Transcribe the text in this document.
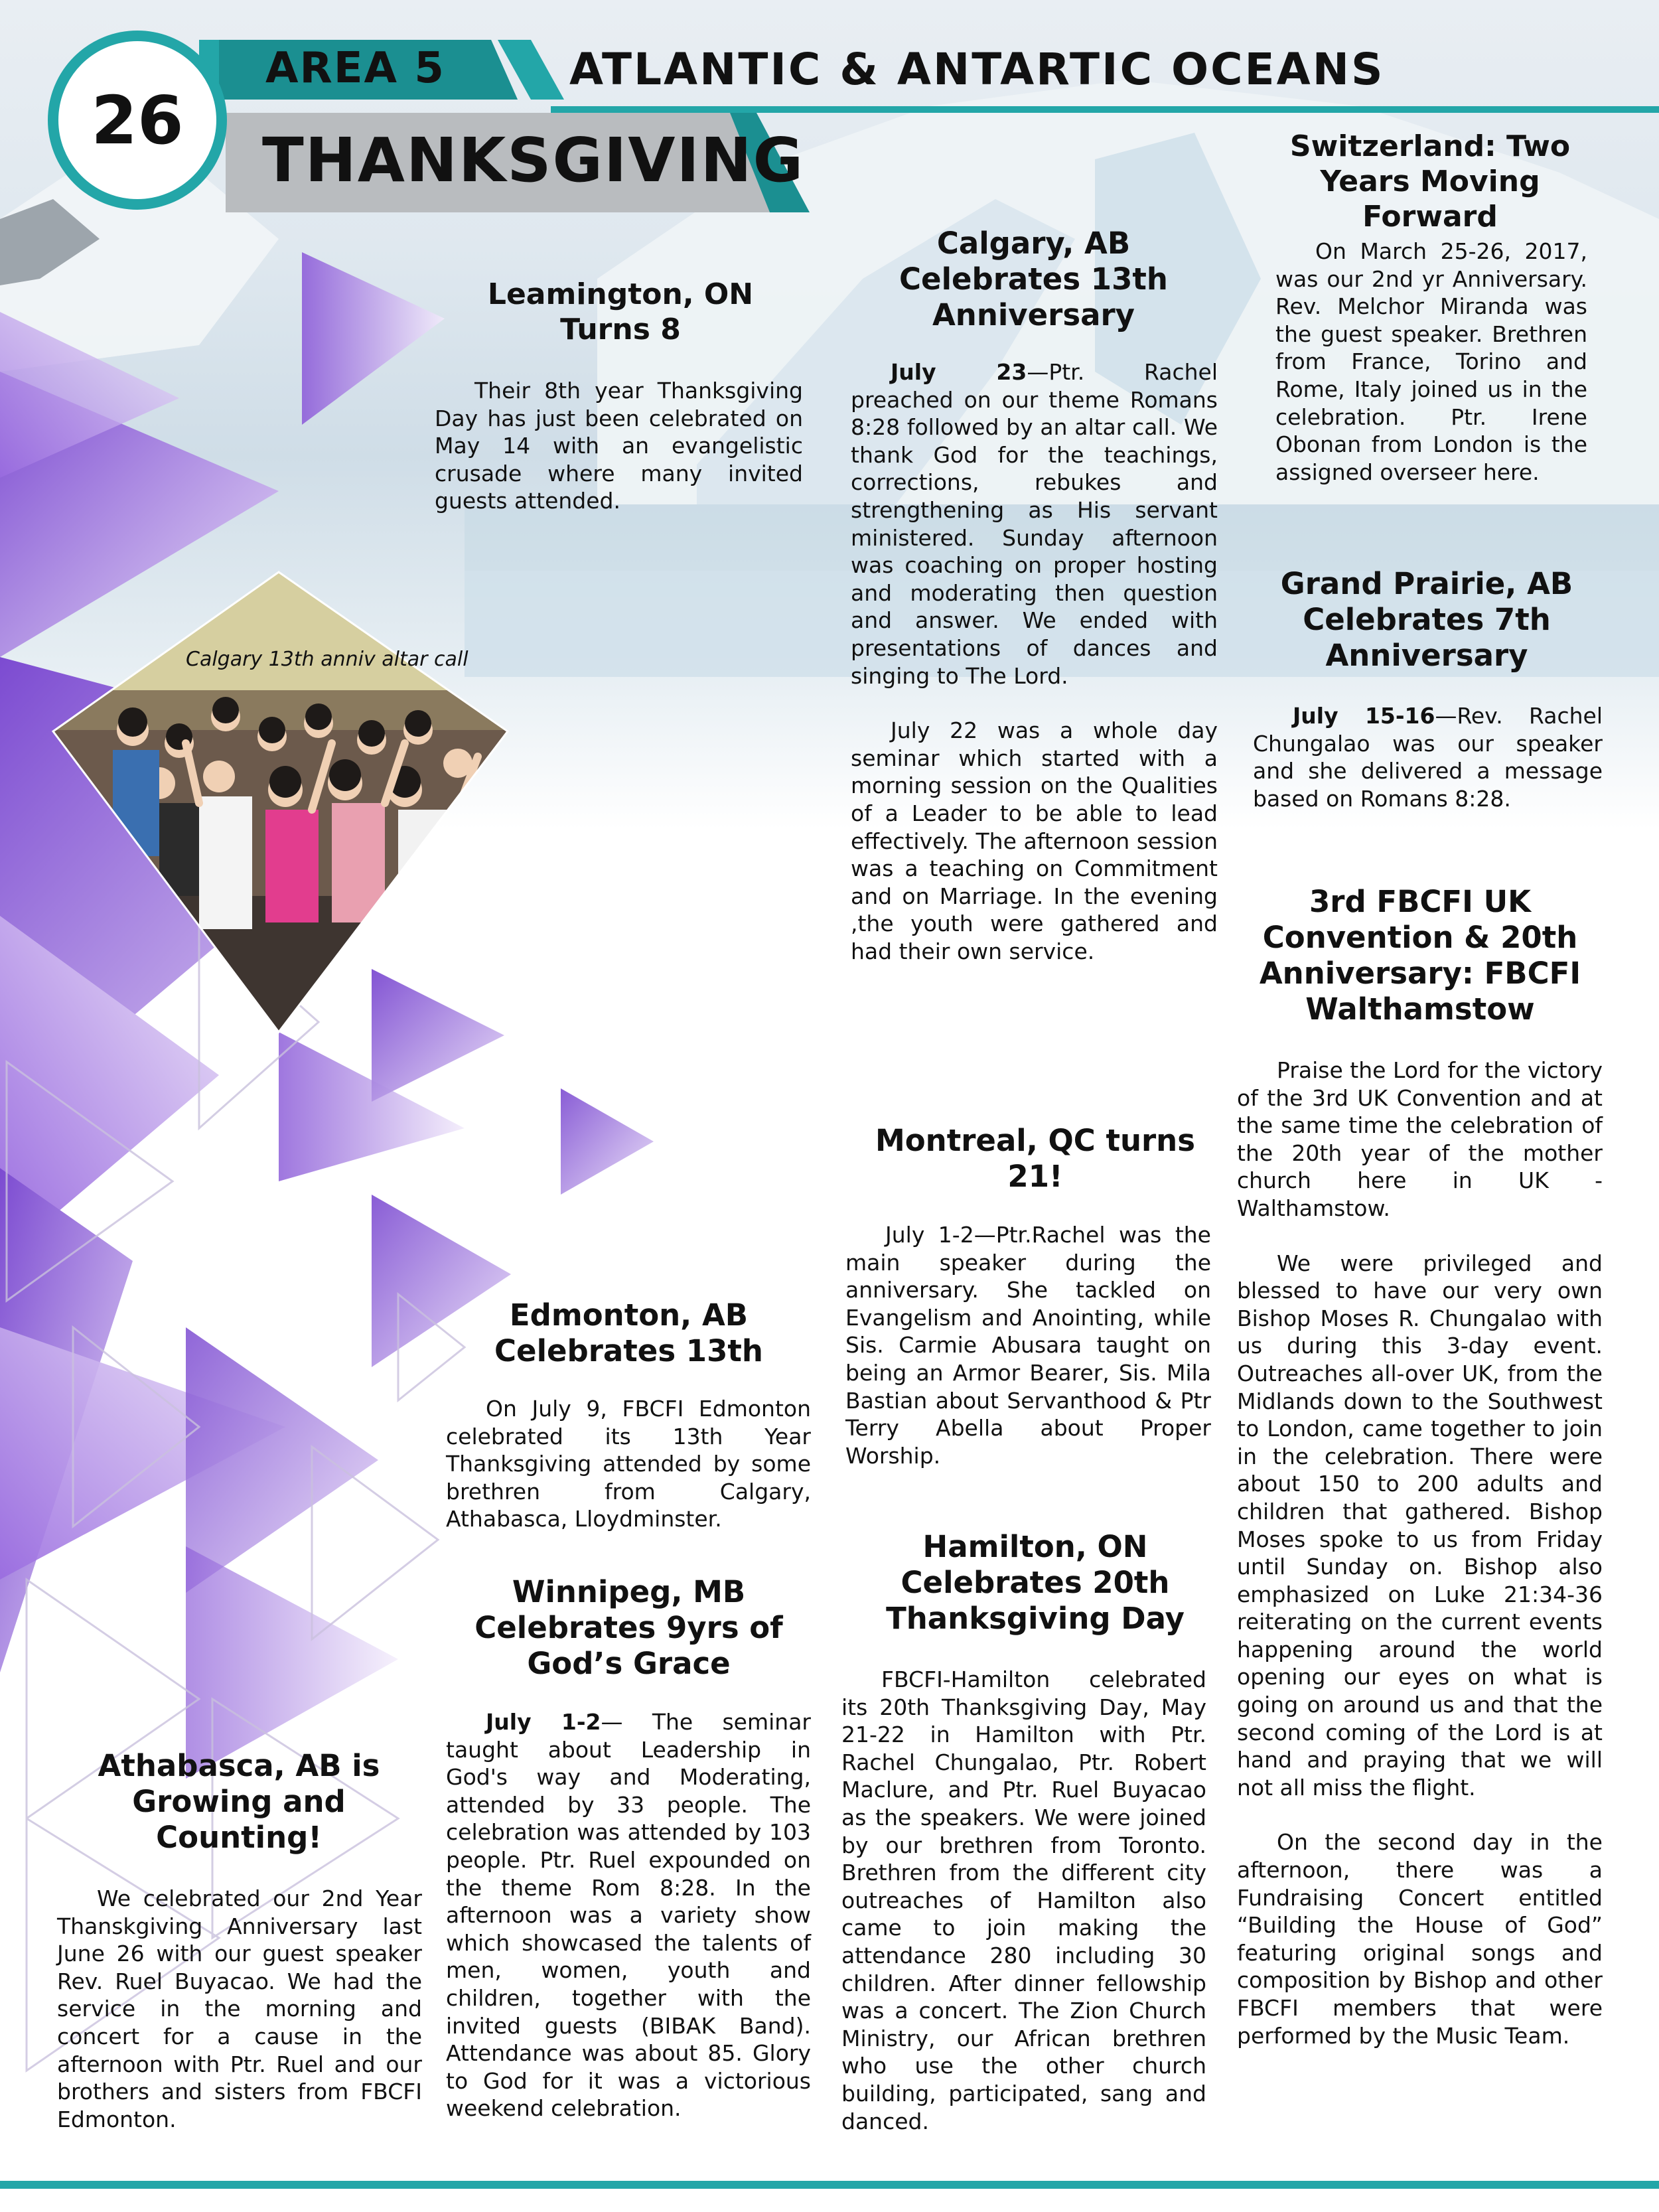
26
AREA 5	ATLANTIC & ANTARTIC OCEANS
THANKSGIVING
Calgary 13th anniv altar call
Leamington, ON Turns 8

Their 8th year Thanksgiving Day has just been celebrated on May 14 with an evangelistic crusade where many invited guests attended.

Calgary, AB Celebrates 13th Anniversary

July 23—Ptr. Rachel preached on our theme Romans 8:28 followed by an altar call. We thank God for the teachings, corrections, rebukes and strengthening as His servant ministered. Sunday afternoon was coaching on proper hosting and moderating then question and answer. We ended with presentations of dances and singing to The Lord.

July 22 was a whole day seminar which started with a morning session on the Qualities of a Leader to be able to lead effectively. The afternoon session was a teaching on Commitment and on Marriage. In the evening ,the youth were gathered and had their own service.

Switzerland: Two Years Moving Forward

On March 25-26, 2017, was our 2nd yr Anniversary. Rev. Melchor Miranda was the guest speaker. Brethren from France, Torino and Rome, Italy joined us in the celebration. Ptr. Irene Obonan from London is the assigned overseer here.

Grand Prairie, AB Celebrates 7th Anniversary

July 15-16—Rev. Rachel Chungalao was our speaker and she delivered a message based on Romans 8:28.

3rd FBCFI UK Convention & 20th Anniversary: FBCFI Walthamstow

Praise the Lord for the victory of the 3rd UK Convention and at the same time the celebration of the 20th year of the mother church here in UK - Walthamstow.

We were privileged and blessed to have our very own Bishop Moses R. Chungalao with us during this 3-day event. Outreaches all-over UK, from the Midlands down to the Southwest to London, came together to join in the celebration. There were about 150 to 200 adults and children that gathered. Bishop Moses spoke to us from Friday until Sunday on. Bishop also emphasized on Luke 21:34-36 reiterating on the current events happening around the world opening our eyes on what is going on around us and that the second coming of the Lord is at hand and praying that we will not all miss the flight.

On the second day in the afternoon, there was a Fundraising Concert entitled “Building the House of God” featuring original songs and composition by Bishop and other FBCFI members that were performed by the Music Team.

Montreal, QC turns 21!

July 1-2—Ptr.Rachel was the main speaker during the anniversary. She tackled on Evangelism and Anointing, while Sis. Carmie Abusara taught on being an Armor Bearer, Sis. Mila Bastian about Servanthood & Ptr Terry Abella about Proper Worship.

Edmonton, AB Celebrates 13th

On July 9, FBCFI Edmonton celebrated its 13th Year Thanksgiving attended by some brethren from Calgary, Athabasca, Lloydminster.

Winnipeg, MB Celebrates 9yrs of God’s Grace

July 1-2— The seminar taught about Leadership in God's way and Moderating, attended by 33 people. The celebration was attended by 103 people. Ptr. Ruel expounded on the theme Rom 8:28. In the afternoon was a variety show which showcased the talents of men, women, youth and children, together with the invited guests (BIBAK Band). Attendance was about 85. Glory to God for it was a victorious weekend celebration.

Hamilton, ON Celebrates 20th Thanksgiving Day

FBCFI-Hamilton celebrated its 20th Thanksgiving Day, May 21-22 in Hamilton with Ptr. Rachel Chungalao, Ptr. Robert Maclure, and Ptr. Ruel Buyacao as the speakers. We were joined by our brethren from Toronto. Brethren from the different city outreaches of Hamilton also came to join making the attendance 280 including 30 children. After dinner fellowship was a concert. The Zion Church Ministry, our African brethren who use the other church building, participated, sang and danced.

Athabasca, AB is Growing and Counting!

We celebrated our 2nd Year Thanskgiving Anniversary last June 26 with our guest speaker Rev. Ruel Buyacao. We had the service in the morning and concert for a cause in the afternoon with Ptr. Ruel and our brothers and sisters from FBCFI Edmonton.
